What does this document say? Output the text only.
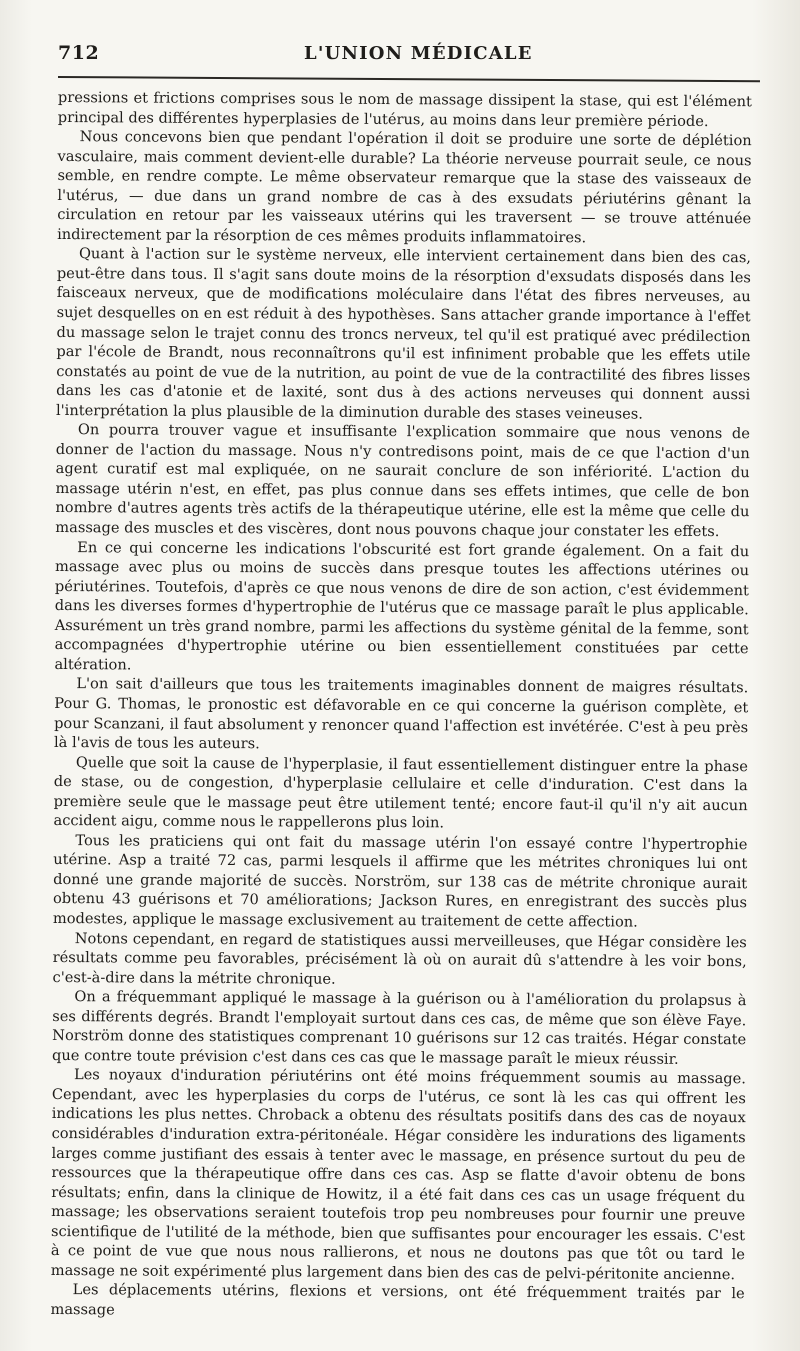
712	L'UNION MÉDICALE

pressions et frictions comprises sous le nom de massage dissipent la stase, qui est l'élément principal des différentes hyperplasies de l'utérus, au moins dans leur première période.

Nous concevons bien que pendant l'opération il doit se produire une sorte de déplétion vasculaire, mais comment devient-elle durable? La théorie nerveuse pourrait seule, ce nous semble, en rendre compte. Le même observateur remarque que la stase des vaisseaux de l'utérus, — due dans un grand nombre de cas à des exsudats périutérins gênant la circulation en retour par les vaisseaux utérins qui les traversent — se trouve atténuée indirectement par la résorption de ces mêmes produits inflammatoires.

Quant à l'action sur le système nerveux, elle intervient certainement dans bien des cas, peut-être dans tous. Il s'agit sans doute moins de la résorption d'exsudats disposés dans les faisceaux nerveux, que de modifications moléculaire dans l'état des fibres nerveuses, au sujet desquelles on en est réduit à des hypothèses. Sans attacher grande importance à l'effet du massage selon le trajet connu des troncs nerveux, tel qu'il est pratiqué avec prédilection par l'école de Brandt, nous reconnaîtrons qu'il est infiniment probable que les effets utile constatés au point de vue de la nutrition, au point de vue de la contractilité des fibres lisses dans les cas d'atonie et de laxité, sont dus à des actions nerveuses qui donnent aussi l'interprétation la plus plausible de la diminution durable des stases veineuses.

On pourra trouver vague et insuffisante l'explication sommaire que nous venons de donner de l'action du massage. Nous n'y contredisons point, mais de ce que l'action d'un agent curatif est mal expliquée, on ne saurait conclure de son infériorité. L'action du massage utérin n'est, en effet, pas plus connue dans ses effets intimes, que celle de bon nombre d'autres agents très actifs de la thérapeutique utérine, elle est la même que celle du massage des muscles et des viscères, dont nous pouvons chaque jour constater les effets.

En ce qui concerne les indications l'obscurité est fort grande également. On a fait du massage avec plus ou moins de succès dans presque toutes les affections utérines ou périutérines. Toutefois, d'après ce que nous venons de dire de son action, c'est évidemment dans les diverses formes d'hypertrophie de l'utérus que ce massage paraît le plus applicable. Assurément un très grand nombre, parmi les affections du système génital de la femme, sont accompagnées d'hypertrophie utérine ou bien essentiellement constituées par cette altération.

L'on sait d'ailleurs que tous les traitements imaginables donnent de maigres résultats. Pour G. Thomas, le pronostic est défavorable en ce qui concerne la guérison complète, et pour Scanzani, il faut absolument y renoncer quand l'affection est invétérée. C'est à peu près là l'avis de tous les auteurs.

Quelle que soit la cause de l'hyperplasie, il faut essentiellement distinguer entre la phase de stase, ou de congestion, d'hyperplasie cellulaire et celle d'induration. C'est dans la première seule que le massage peut être utilement tenté; encore faut-il qu'il n'y ait aucun accident aigu, comme nous le rappellerons plus loin.

Tous les praticiens qui ont fait du massage utérin l'on essayé contre l'hypertrophie utérine. Asp a traité 72 cas, parmi lesquels il affirme que les métrites chroniques lui ont donné une grande majorité de succès. Norström, sur 138 cas de métrite chronique aurait obtenu 43 guérisons et 70 améliorations; Jackson Rures, en enregistrant des succès plus modestes, applique le massage exclusivement au traitement de cette affection.

Notons cependant, en regard de statistiques aussi merveilleuses, que Hégar considère les résultats comme peu favorables, précisément là où on aurait dû s'attendre à les voir bons, c'est-à-dire dans la métrite chronique.

On a fréquemmant appliqué le massage à la guérison ou à l'amélioration du prolapsus à ses différents degrés. Brandt l'employait surtout dans ces cas, de même que son élève Faye. Norström donne des statistiques comprenant 10 guérisons sur 12 cas traités. Hégar constate que contre toute prévision c'est dans ces cas que le massage paraît le mieux réussir.

Les noyaux d'induration périutérins ont été moins fréquemment soumis au massage. Cependant, avec les hyperplasies du corps de l'utérus, ce sont là les cas qui offrent les indications les plus nettes. Chroback a obtenu des résultats positifs dans des cas de noyaux considérables d'induration extra-péritonéale. Hégar considère les indurations des ligaments larges comme justifiant des essais à tenter avec le massage, en présence surtout du peu de ressources que la thérapeutique offre dans ces cas. Asp se flatte d'avoir obtenu de bons résultats; enfin, dans la clinique de Howitz, il a été fait dans ces cas un usage fréquent du massage; les observations seraient toutefois trop peu nombreuses pour fournir une preuve scientifique de l'utilité de la méthode, bien que suffisantes pour encourager les essais. C'est à ce point de vue que nous nous rallierons, et nous ne doutons pas que tôt ou tard le massage ne soit expérimenté plus largement dans bien des cas de pelvi-péritonite ancienne.

Les déplacements utérins, flexions et versions, ont été fréquemment traités par le massage
